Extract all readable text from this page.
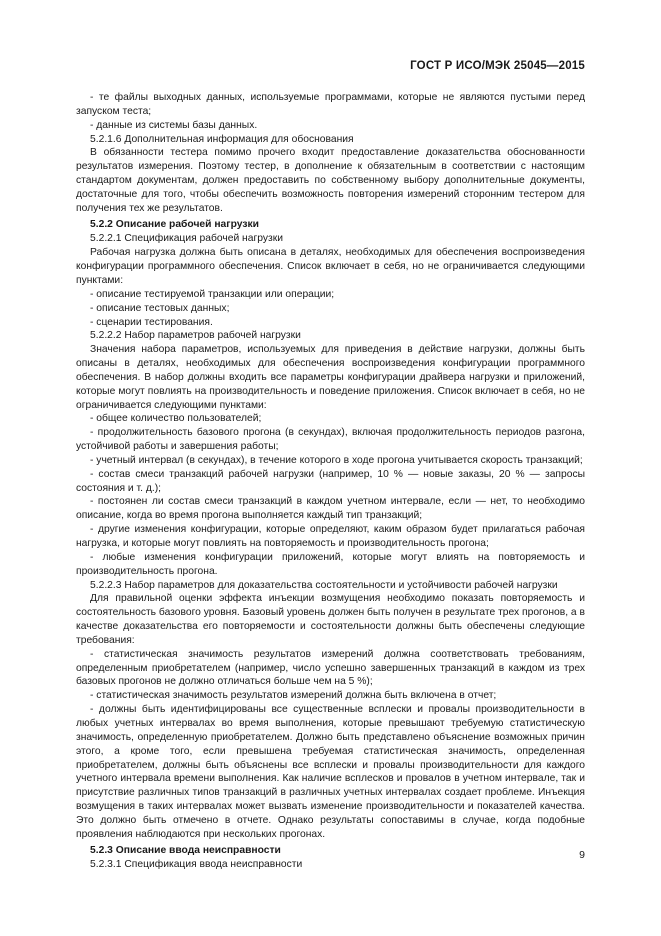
ГОСТ Р ИСО/МЭК 25045—2015

- те файлы выходных данных, используемые программами, которые не являются пустыми перед запуском теста;

- данные из системы базы данных.

5.2.1.6 Дополнительная информация для обоснования

В обязанности тестера помимо прочего входит предоставление доказательства обоснованности результатов измерения. Поэтому тестер, в дополнение к обязательным в соответствии с настоящим стандартом документам, должен предоставить по собственному выбору дополнительные документы, достаточные для того, чтобы обеспечить возможность повторения измерений сторонним тестером для получения тех же результатов.

5.2.2 Описание рабочей нагрузки

5.2.2.1 Спецификация рабочей нагрузки

Рабочая нагрузка должна быть описана в деталях, необходимых для обеспечения воспроизведения конфигурации программного обеспечения. Список включает в себя, но не ограничивается следующими пунктами:

- описание тестируемой транзакции или операции;

- описание тестовых данных;

- сценарии тестирования.

5.2.2.2 Набор параметров рабочей нагрузки

Значения набора параметров, используемых для приведения в действие нагрузки, должны быть описаны в деталях, необходимых для обеспечения воспроизведения конфигурации программного обеспечения. В набор должны входить все параметры конфигурации драйвера нагрузки и приложений, которые могут повлиять на производительность и поведение приложения. Список включает в себя, но не ограничивается следующими пунктами:

- общее количество пользователей;

- продолжительность базового прогона (в секундах), включая продолжительность периодов разгона, устойчивой работы и завершения работы;

- учетный интервал (в секундах), в течение которого в ходе прогона учитывается скорость транзакций;

- состав смеси транзакций рабочей нагрузки (например, 10 % — новые заказы, 20 % — запросы состояния и т. д.);

- постоянен ли состав смеси транзакций в каждом учетном интервале, если — нет, то необходимо описание, когда во время прогона выполняется каждый тип транзакций;

- другие изменения конфигурации, которые определяют, каким образом будет прилагаться рабочая нагрузка, и которые могут повлиять на повторяемость и производительность прогона;

- любые изменения конфигурации приложений, которые могут влиять на повторяемость и производительность прогона.

5.2.2.3 Набор параметров для доказательства состоятельности и устойчивости рабочей нагрузки

Для правильной оценки эффекта инъекции возмущения необходимо показать повторяемость и состоятельность базового уровня. Базовый уровень должен быть получен в результате трех прогонов, а в качестве доказательства его повторяемости и состоятельности должны быть обеспечены следующие требования:

- статистическая значимость результатов измерений должна соответствовать требованиям, определенным приобретателем (например, число успешно завершенных транзакций в каждом из трех базовых прогонов не должно отличаться больше чем на 5 %);

- статистическая значимость результатов измерений должна быть включена в отчет;

- должны быть идентифицированы все существенные всплески и провалы производительности в любых учетных интервалах во время выполнения, которые превышают требуемую статистическую значимость, определенную приобретателем. Должно быть представлено объяснение возможных причин этого, а кроме того, если превышена требуемая статистическая значимость, определенная приобретателем, должны быть объяснены все всплески и провалы производительности для каждого учетного интервала времени выполнения. Как наличие всплесков и провалов в учетном интервале, так и присутствие различных типов транзакций в различных учетных интервалах создает проблеме. Инъекция возмущения в таких интервалах может вызвать изменение производительности и показателей качества. Это должно быть отмечено в отчете. Однако результаты сопоставимы в случае, когда подобные проявления наблюдаются при нескольких прогонах.

5.2.3 Описание ввода неисправности

5.2.3.1 Спецификация ввода неисправности

9
